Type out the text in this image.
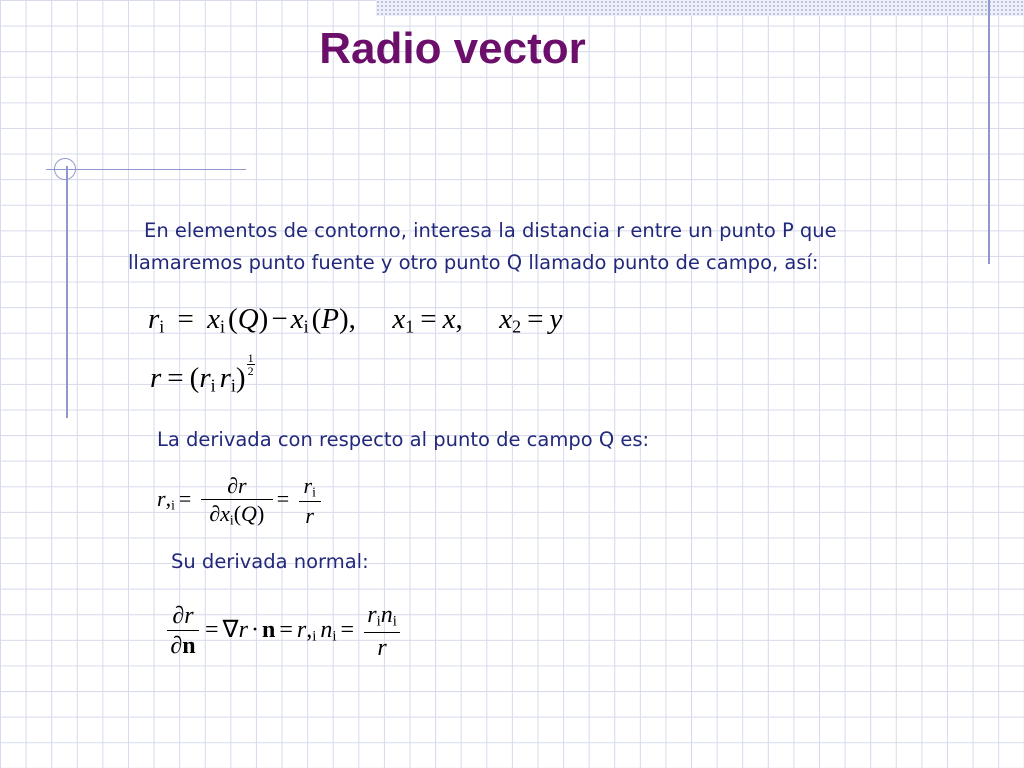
Radio vector
En elementos de contorno, interesa la distancia r entre un punto P que
llamaremos punto fuente y otro punto Q llamado punto de campo, así:
$r_i = x_i$ $(Q) - x_i$ (P),  $x_1 = x$,  $x_2 = y$
$r = (r_i$ $r_i) \frac{1}{2}$
La derivada con respecto al punto de campo Q es:
$r,_i = \frac{\partial r}{\partial x_i(Q)} = \frac{r_i}{r}$
Su derivada normal:
$\frac{\partial r}{\partial n} = \nabla r \cdot n = r,_i$ $n_i = \frac{r_in_i}{r}$
